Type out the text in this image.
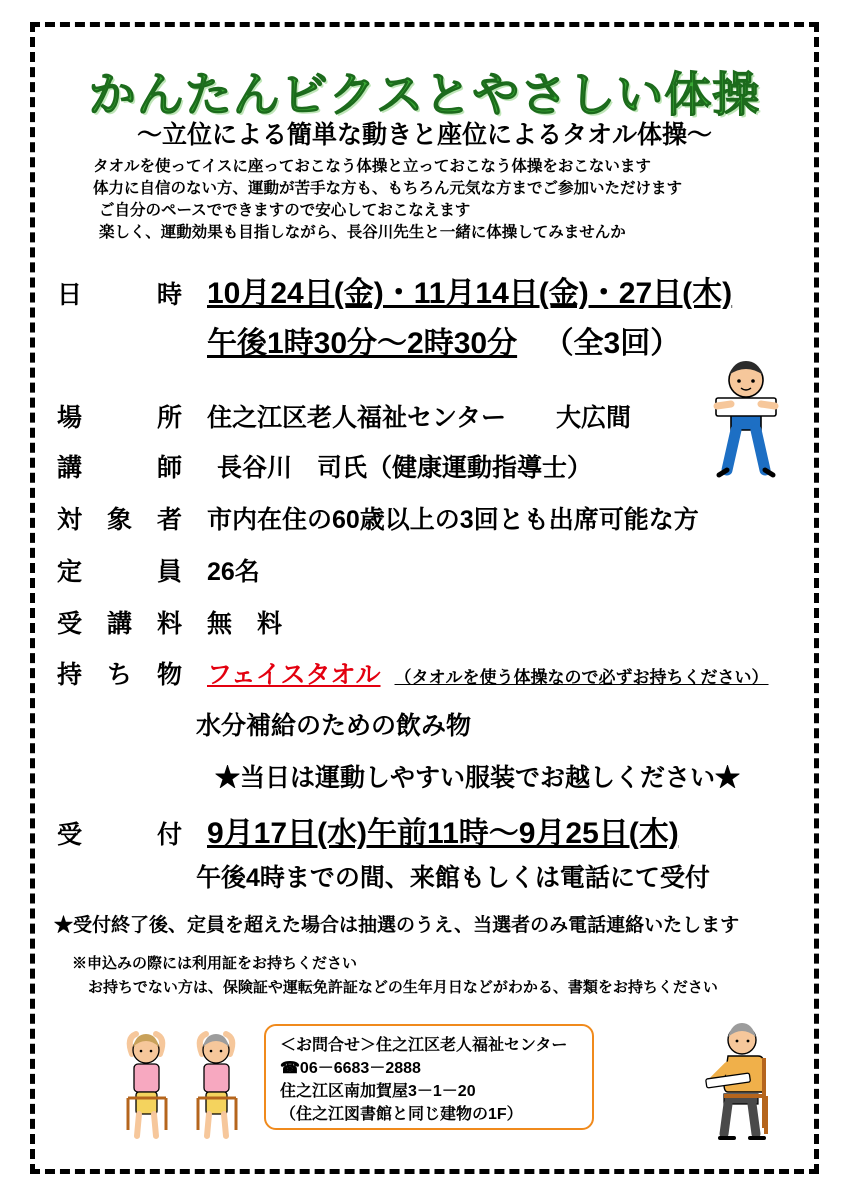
かんたんビクスとやさしい体操
～立位による簡単な動きと座位によるタオル体操～
タオルを使ってイスに座っておこなう体操と立っておこなう体操をおこないます
体力に自信のない方、運動が苦手な方も、もちろん元気な方までご参加いただけます
ご自分のペースでできますので安心しておこなえます
楽しく、運動効果も目指しながら、長谷川先生と一緒に体操してみませんか
日　　　時 10月24日(金)・11月14日(金)・27日(木)
午後1時30分～2時30分 （全3回）
場　　　所 住之江区老人福祉センター　　大広間
講　　　師	長谷川　司氏（健康運動指導士）
対　象　者 市内在住の60歳以上の3回とも出席可能な方
定　　　員 26名
受　講　料 無　料
持　ち　物 フェイスタオル （タオルを使う体操なので必ずお持ちください）
水分補給のための飲み物
★当日は運動しやすい服装でお越しください★
受　　　付 9月17日(水)午前11時～9月25日(木)
午後4時までの間、来館もしくは電話にて受付
★受付終了後、定員を超えた場合は抽選のうえ、当選者のみ電話連絡いたします
※申込みの際には利用証をお持ちください
お持ちでない方は、保険証や運転免許証などの生年月日などがわかる、書類をお持ちください
＜お問合せ＞住之江区老人福祉センター
☎06－6683－2888
住之江区南加賀屋3－1－20
（住之江図書館と同じ建物の1F）
